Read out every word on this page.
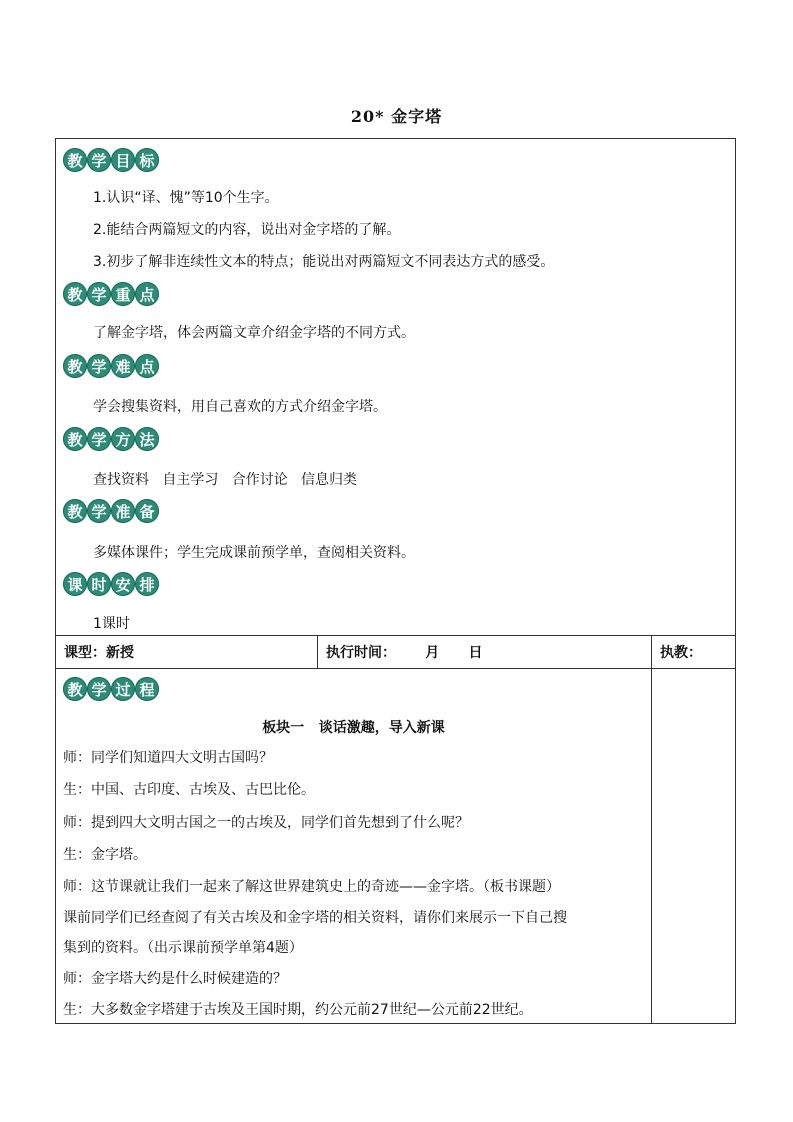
20* 金字塔
教 学 目 标
1.认识“译、愧”等10个生字。
2.能结合两篇短文的内容，说出对金字塔的了解。
3.初步了解非连续性文本的特点；能说出对两篇短文不同表达方式的感受。
教 学 重 点
了解金字塔，体会两篇文章介绍金字塔的不同方式。
教 学 难 点
学会搜集资料，用自己喜欢的方式介绍金字塔。
教 学 方 法
查找资料   自主学习   合作讨论   信息归类
教 学 准 备
多媒体课件；学生完成课前预学单，查阅相关资料。
课 时 安 排
1课时
课型：新授	执行时间：      月      日	执教：
教 学 过 程
板块一   谈话激趣，导入新课
师：同学们知道四大文明古国吗？
生：中国、古印度、古埃及、古巴比伦。
师：提到四大文明古国之一的古埃及，同学们首先想到了什么呢？
生：金字塔。
师：这节课就让我们一起来了解这世界建筑史上的奇迹——金字塔。（板书课题）
课前同学们已经查阅了有关古埃及和金字塔的相关资料，请你们来展示一下自己搜
集到的资料。（出示课前预学单第4题）
师：金字塔大约是什么时候建造的？
生：大多数金字塔建于古埃及王国时期，约公元前27世纪—公元前22世纪。
